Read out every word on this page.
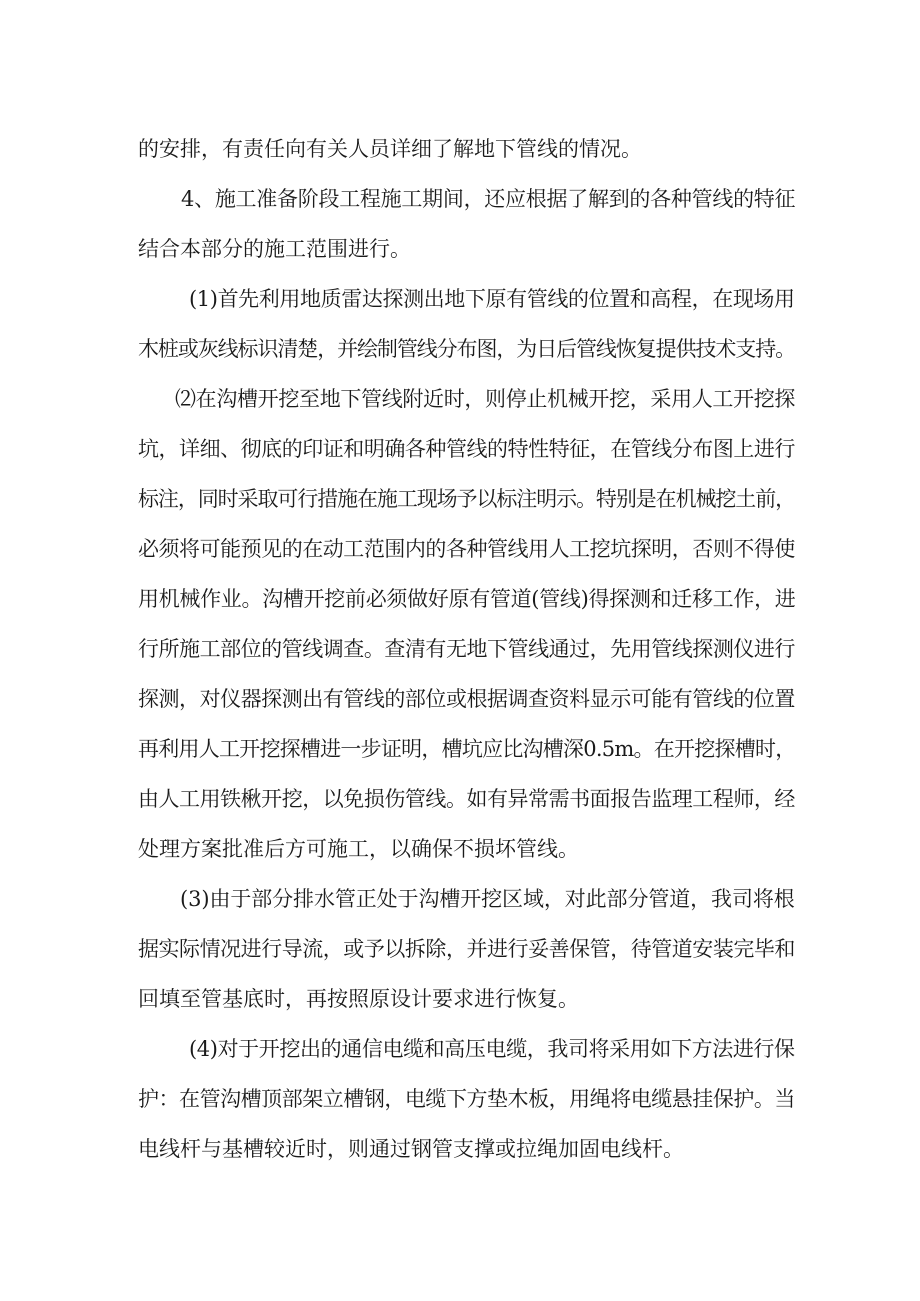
的安排，有责任向有关人员详细了解地下管线的情况。
4、施工准备阶段工程施工期间，还应根据了解到的各种管线的特征
结合本部分的施工范围进行。
(1)首先利用地质雷达探测出地下原有管线的位置和高程，在现场用
木桩或灰线标识清楚，并绘制管线分布图，为日后管线恢复提供技术支持。
⑵在沟槽开挖至地下管线附近时，则停止机械开挖，采用人工开挖探
坑，详细、彻底的印证和明确各种管线的特性特征，在管线分布图上进行
标注，同时采取可行措施在施工现场予以标注明示。特别是在机械挖土前，
必须将可能预见的在动工范围内的各种管线用人工挖坑探明，否则不得使
用机械作业。沟槽开挖前必须做好原有管道(管线)得探测和迁移工作，进
行所施工部位的管线调查。查清有无地下管线通过，先用管线探测仪进行
探测，对仪器探测出有管线的部位或根据调查资料显示可能有管线的位置
再利用人工开挖探槽进一步证明，槽坑应比沟槽深0.5m。在开挖探槽时，
由人工用铁楸开挖，以免损伤管线。如有异常需书面报告监理工程师，经
处理方案批准后方可施工，以确保不损坏管线。
(3)由于部分排水管正处于沟槽开挖区域，对此部分管道，我司将根
据实际情况进行导流，或予以拆除，并进行妥善保管，待管道安装完毕和
回填至管基底时，再按照原设计要求进行恢复。
(4)对于开挖出的通信电缆和高压电缆，我司将采用如下方法进行保
护：在管沟槽顶部架立槽钢，电缆下方垫木板，用绳将电缆悬挂保护。当
电线杆与基槽较近时，则通过钢管支撑或拉绳加固电线杆。
